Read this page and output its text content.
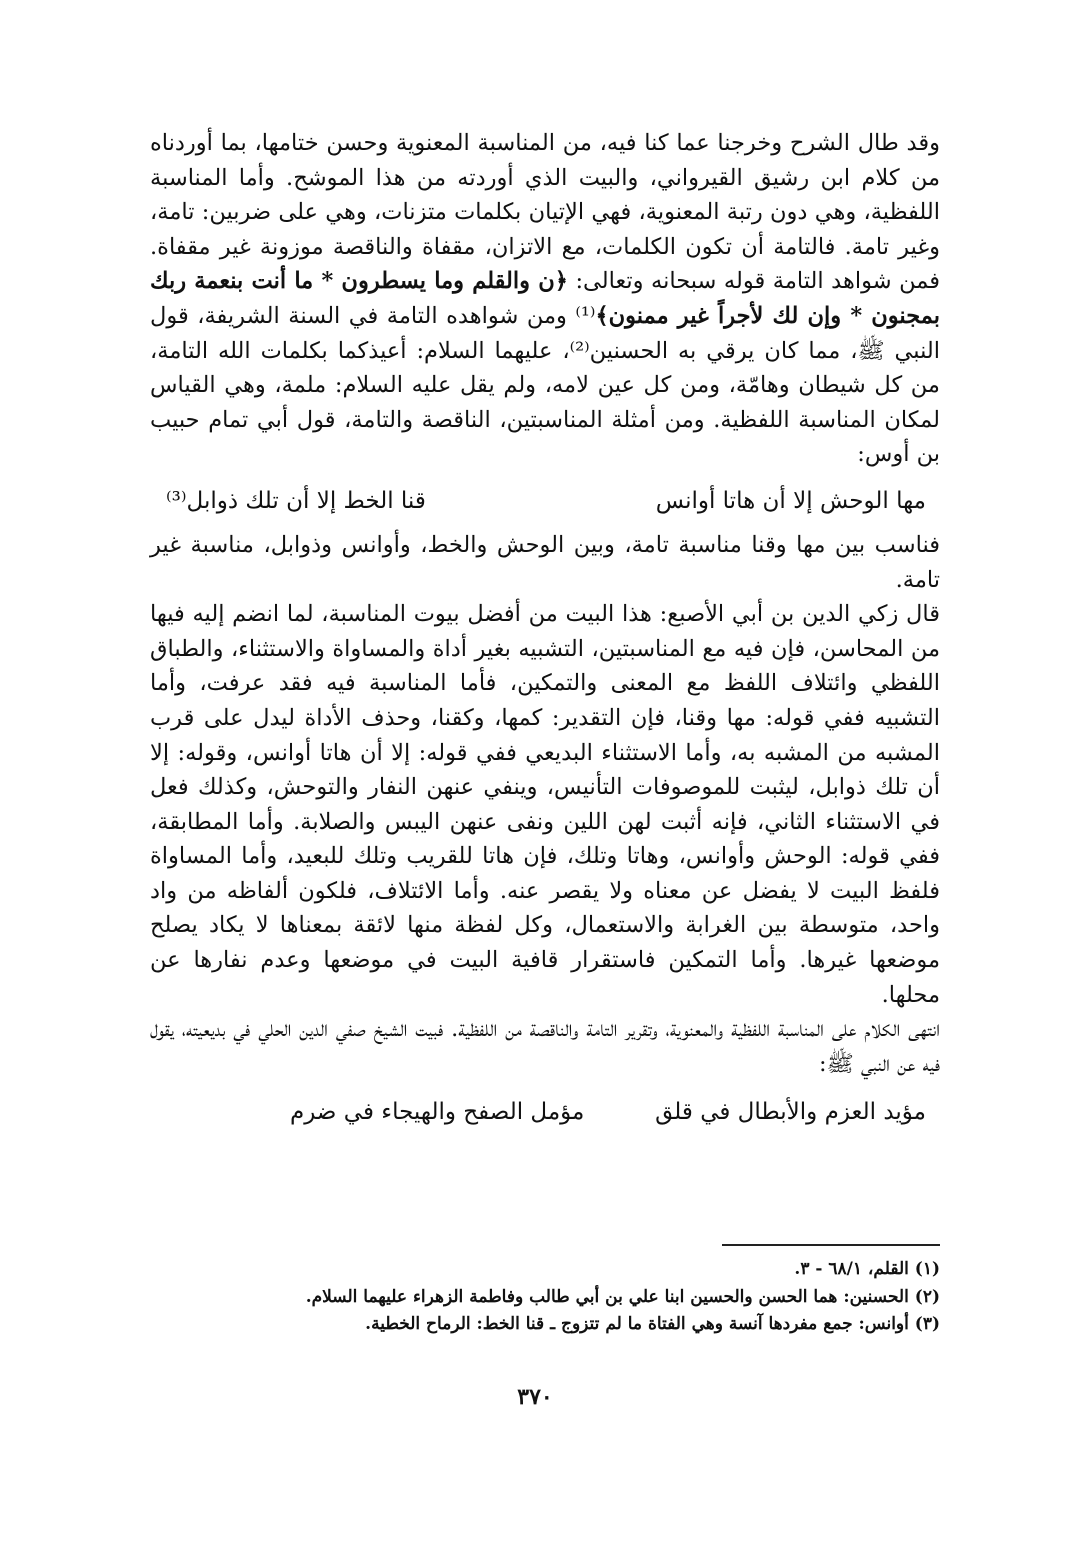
وقد طال الشرح وخرجنا عما كنا فيه، من المناسبة المعنوية وحسن ختامها، بما أوردناه من كلام ابن رشيق القيرواني، والبيت الذي أوردته من هذا الموشح. وأما المناسبة اللفظية، وهي دون رتبة المعنوية، فهي الإتيان بكلمات متزنات، وهي على ضربين: تامة، وغير تامة. فالتامة أن تكون الكلمات، مع الاتزان، مقفاة والناقصة موزونة غير مقفاة. فمن شواهد التامة قوله سبحانه وتعالى: ﴿ن والقلم وما يسطرون * ما أنت بنعمة ربك بمجنون * وإن لك لأجراً غير ممنون﴾⁽¹⁾ ومن شواهده التامة في السنة الشريفة، قول النبي ﷺ، مما كان يرقي به الحسنين⁽²⁾، عليهما السلام: أعيذكما بكلمات الله التامة، من كل شيطان وهامّة، ومن كل عين لامه، ولم يقل عليه السلام: ملمة، وهي القياس لمكان المناسبة اللفظية. ومن أمثلة المناسبتين، الناقصة والتامة، قول أبي تمام حبيب بن أوس:

مها الوحش إلا أن هاتا أوانس
قنا الخط إلا أن تلك ذوابل⁽³⁾

فناسب بين مها وقنا مناسبة تامة، وبين الوحش والخط، وأوانس وذوابل، مناسبة غير تامة.

قال زكي الدين بن أبي الأصبع: هذا البيت من أفضل بيوت المناسبة، لما انضم إليه فيها من المحاسن، فإن فيه مع المناسبتين، التشبيه بغير أداة والمساواة والاستثناء، والطباق اللفظي وائتلاف اللفظ مع المعنى والتمكين، فأما المناسبة فيه فقد عرفت، وأما التشبيه ففي قوله: مها وقنا، فإن التقدير: كمها، وكقنا، وحذف الأداة ليدل على قرب المشبه من المشبه به، وأما الاستثناء البديعي ففي قوله: إلا أن هاتا أوانس، وقوله: إلا أن تلك ذوابل، ليثبت للموصوفات التأنيس، وينفي عنهن النفار والتوحش، وكذلك فعل في الاستثناء الثاني، فإنه أثبت لهن اللين ونفى عنهن اليبس والصلابة. وأما المطابقة، ففي قوله: الوحش وأوانس، وهاتا وتلك، فإن هاتا للقريب وتلك للبعيد، وأما المساواة فلفظ البيت لا يفضل عن معناه ولا يقصر عنه. وأما الائتلاف، فلكون ألفاظه من واد واحد، متوسطة بين الغرابة والاستعمال، وكل لفظة منها لائقة بمعناها لا يكاد يصلح موضعها غيرها. وأما التمكين فاستقرار قافية البيت في موضعها وعدم نفارها عن محلها.

انتهى الكلام على المناسبة اللفظية والمعنوية، وتقرير التامة والناقصة من اللفظية. فبيت الشيخ صفي الدين الحلي في بديعيته، يقول فيه عن النبي ﷺ:

مؤيد العزم والأبطال في قلق
مؤمل الصفح والهيجاء في ضرم

(١) القلم، ٦٨/١ - ٣.

(٢) الحسنين: هما الحسن والحسين ابنا علي بن أبي طالب وفاطمة الزهراء عليهما السلام.

(٣) أوانس: جمع مفردها آنسة وهي الفتاة ما لم تتزوج ـ قنا الخط: الرماح الخطية.

٣٧٠
